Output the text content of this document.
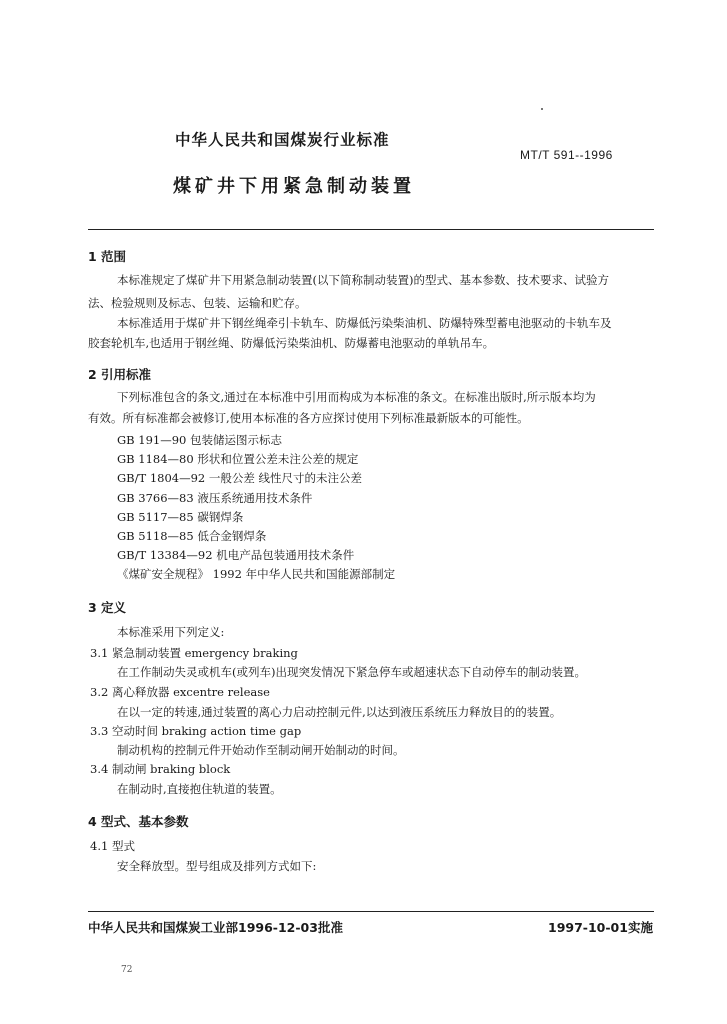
中华人民共和国煤炭行业标准
MT/T 591--1996
煤矿井下用紧急制动装置
1 范围
本标准规定了煤矿井下用紧急制动装置(以下简称制动装置)的型式、基本参数、技术要求、试验方
法、检验规则及标志、包装、运输和贮存。
本标准适用于煤矿井下钢丝绳牵引卡轨车、防爆低污染柴油机、防爆特殊型蓄电池驱动的卡轨车及
胶套轮机车,也适用于钢丝绳、防爆低污染柴油机、防爆蓄电池驱动的单轨吊车。
2 引用标准
下列标准包含的条文,通过在本标准中引用而构成为本标准的条文。在标准出版时,所示版本均为
有效。所有标准都会被修订,使用本标准的各方应探讨使用下列标准最新版本的可能性。
GB 191—90 包装储运图示标志
GB 1184—80 形状和位置公差未注公差的规定
GB/T 1804—92 一般公差 线性尺寸的未注公差
GB 3766—83 液压系统通用技术条件
GB 5117—85 碳钢焊条
GB 5118—85 低合金钢焊条
GB/T 13384—92 机电产品包装通用技术条件
《煤矿安全规程》 1992 年中华人民共和国能源部制定
3 定义
本标准采用下列定义:
3.1 紧急制动装置 emergency braking
在工作制动失灵或机车(或列车)出现突发情况下紧急停车或超速状态下自动停车的制动装置。
3.2 离心释放器 excentre release
在以一定的转速,通过装置的离心力启动控制元件,以达到液压系统压力释放目的的装置。
3.3 空动时间 braking action time gap
制动机构的控制元件开始动作至制动闸开始制动的时间。
3.4 制动闸 braking block
在制动时,直接抱住轨道的装置。
4 型式、基本参数
4.1 型式
安全释放型。型号组成及排列方式如下:
中华人民共和国煤炭工业部1996-12-03批准	1997-10-01实施
72
